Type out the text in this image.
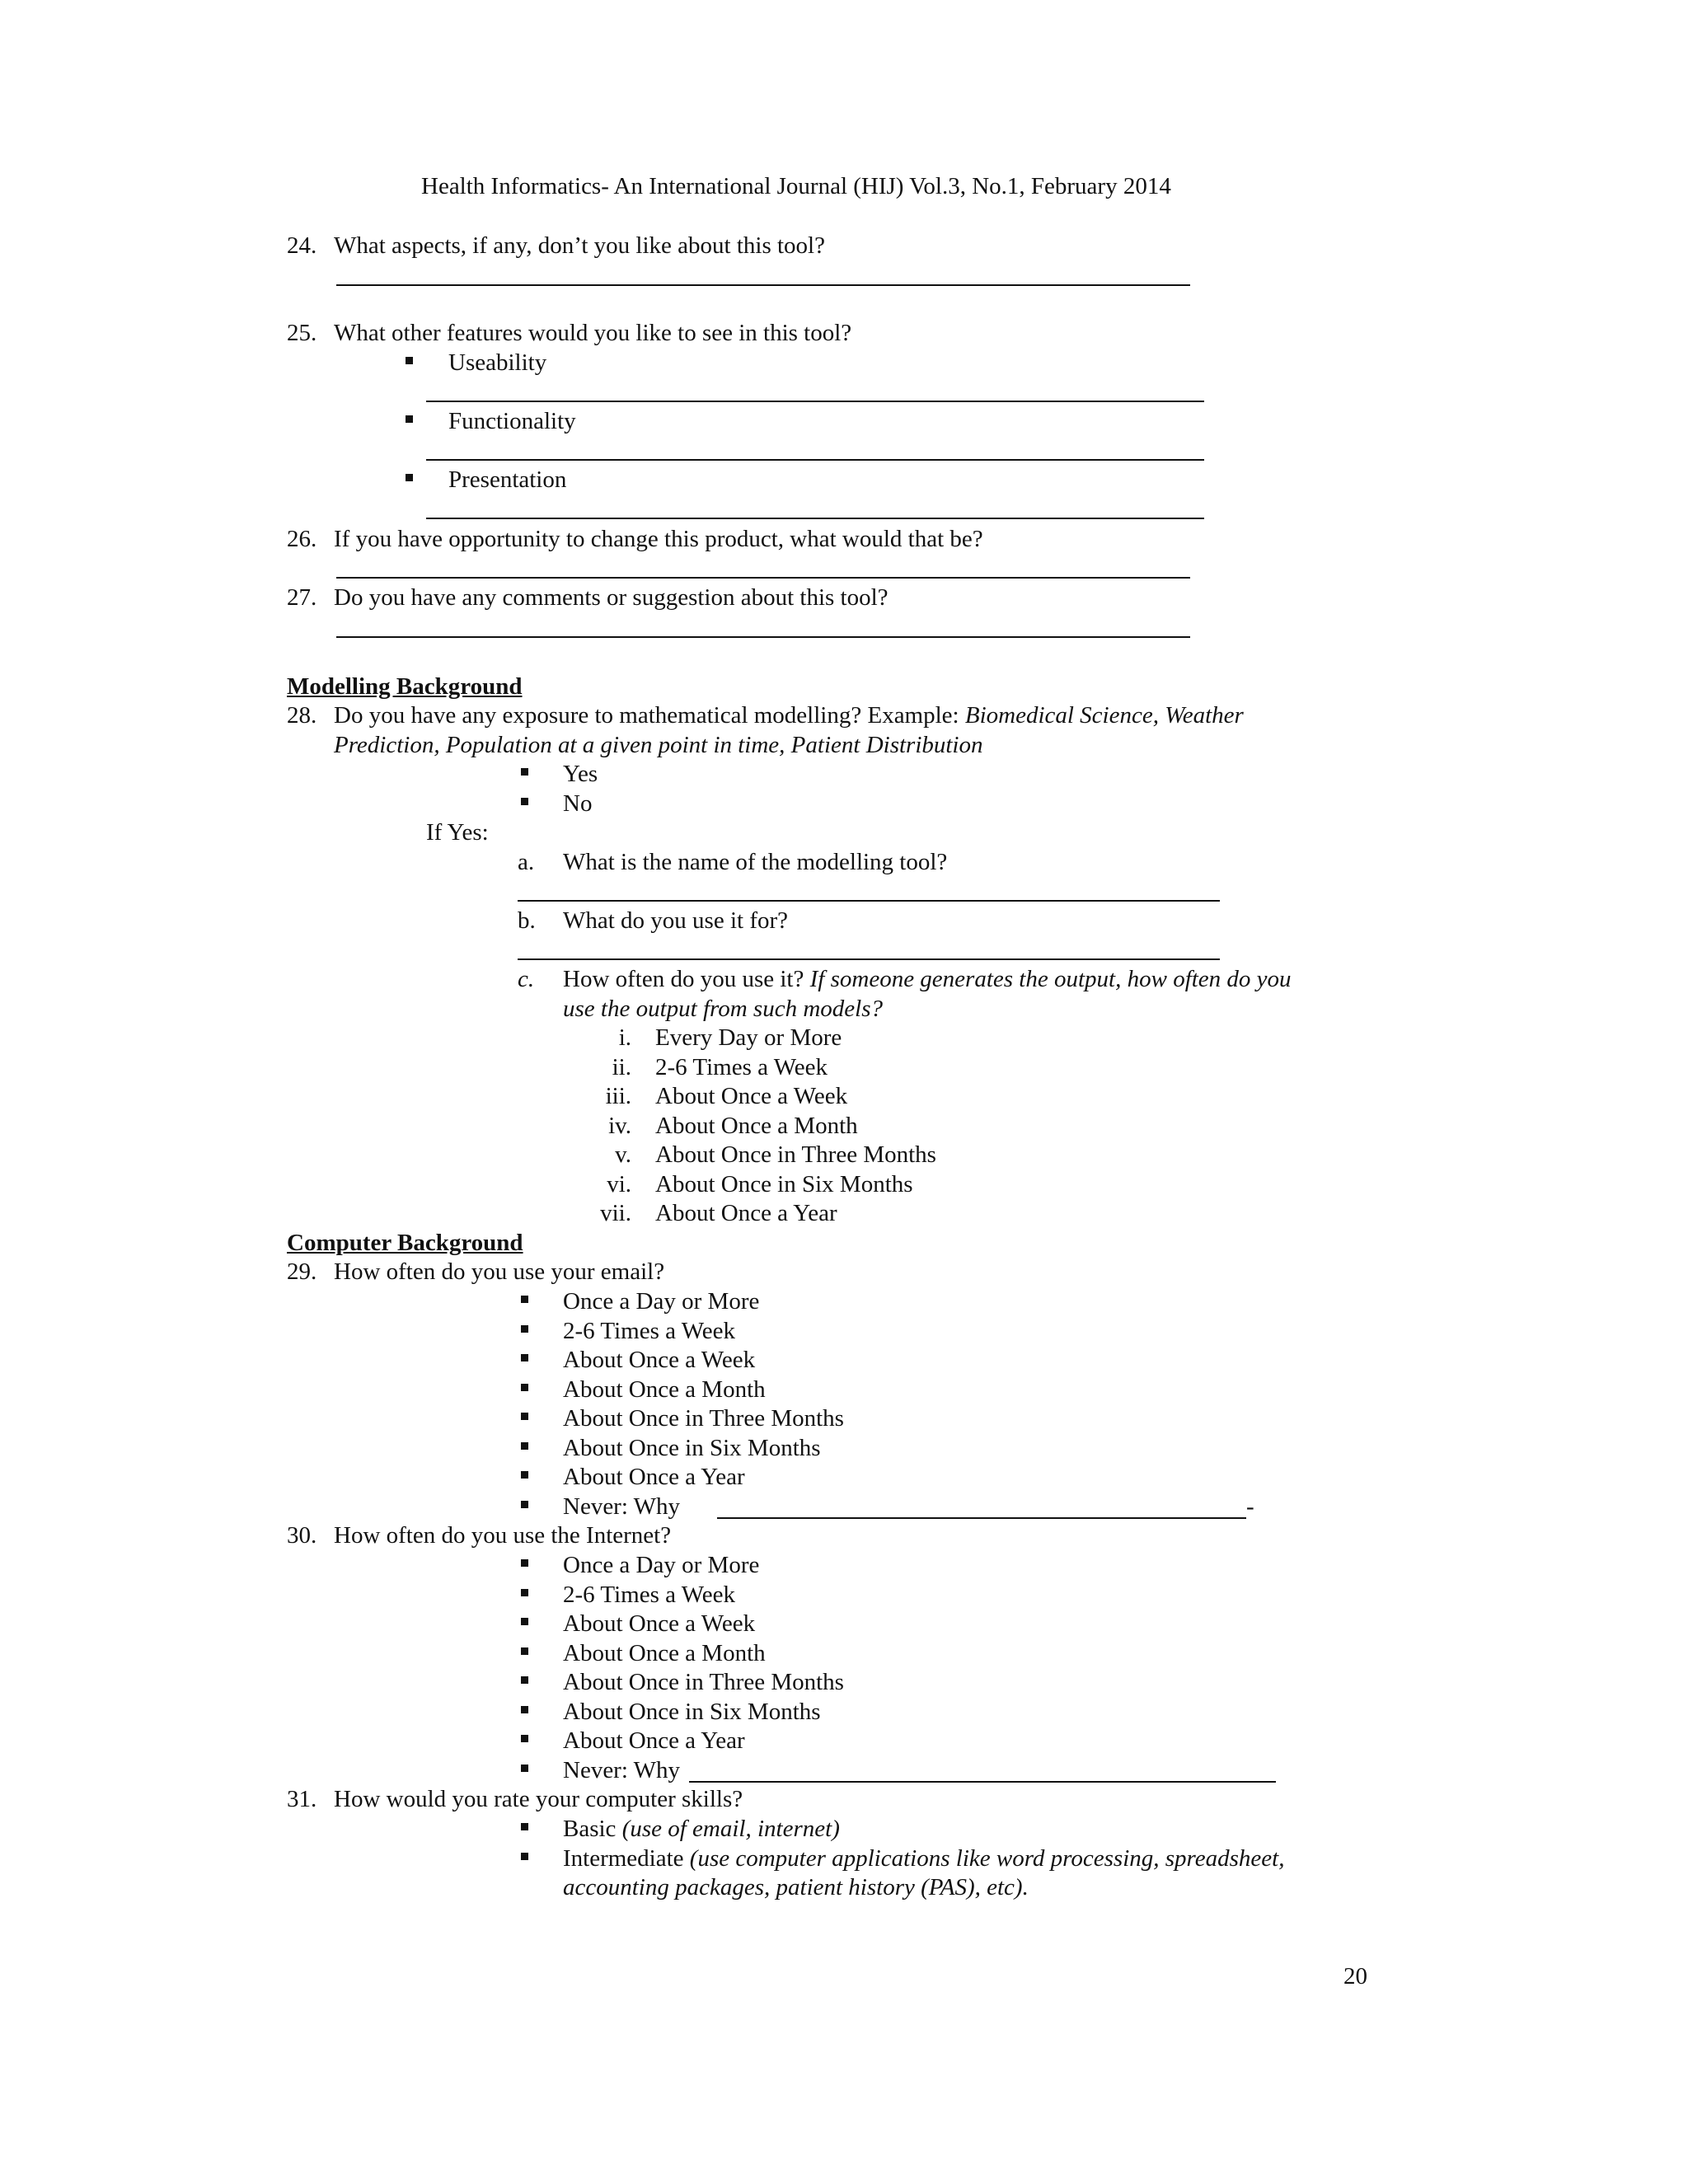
Health Informatics- An International Journal (HIJ) Vol.3, No.1, February 2014
24. What aspects, if any, don’t you like about this tool?
25. What other features would you like to see in this tool?
Useability
Functionality
Presentation
26. If you have opportunity to change this product, what would that be?
27. Do you have any comments or suggestion about this tool?
Modelling Background
28. Do you have any exposure to mathematical modelling? Example: Biomedical Science, Weather
Prediction, Population at a given point in time, Patient Distribution
Yes
No
If Yes:
a. What is the name of the modelling tool?
b. What do you use it for?
c. How often do you use it? If someone generates the output, how often do you
use the output from such models?
i. Every Day or More
ii. 2-6 Times a Week
iii. About Once a Week
iv. About Once a Month
v. About Once in Three Months
vi. About Once in Six Months
vii. About Once a Year
Computer Background
29. How often do you use your email?
Once a Day or More
2-6 Times a Week
About Once a Week
About Once a Month
About Once in Three Months
About Once in Six Months
About Once a Year
Never: Why	-
30. How often do you use the Internet?
Once a Day or More
2-6 Times a Week
About Once a Week
About Once a Month
About Once in Three Months
About Once in Six Months
About Once a Year
Never: Why
31. How would you rate your computer skills?
Basic (use of email, internet)
Intermediate (use computer applications like word processing, spreadsheet,
accounting packages, patient history (PAS), etc).
20
